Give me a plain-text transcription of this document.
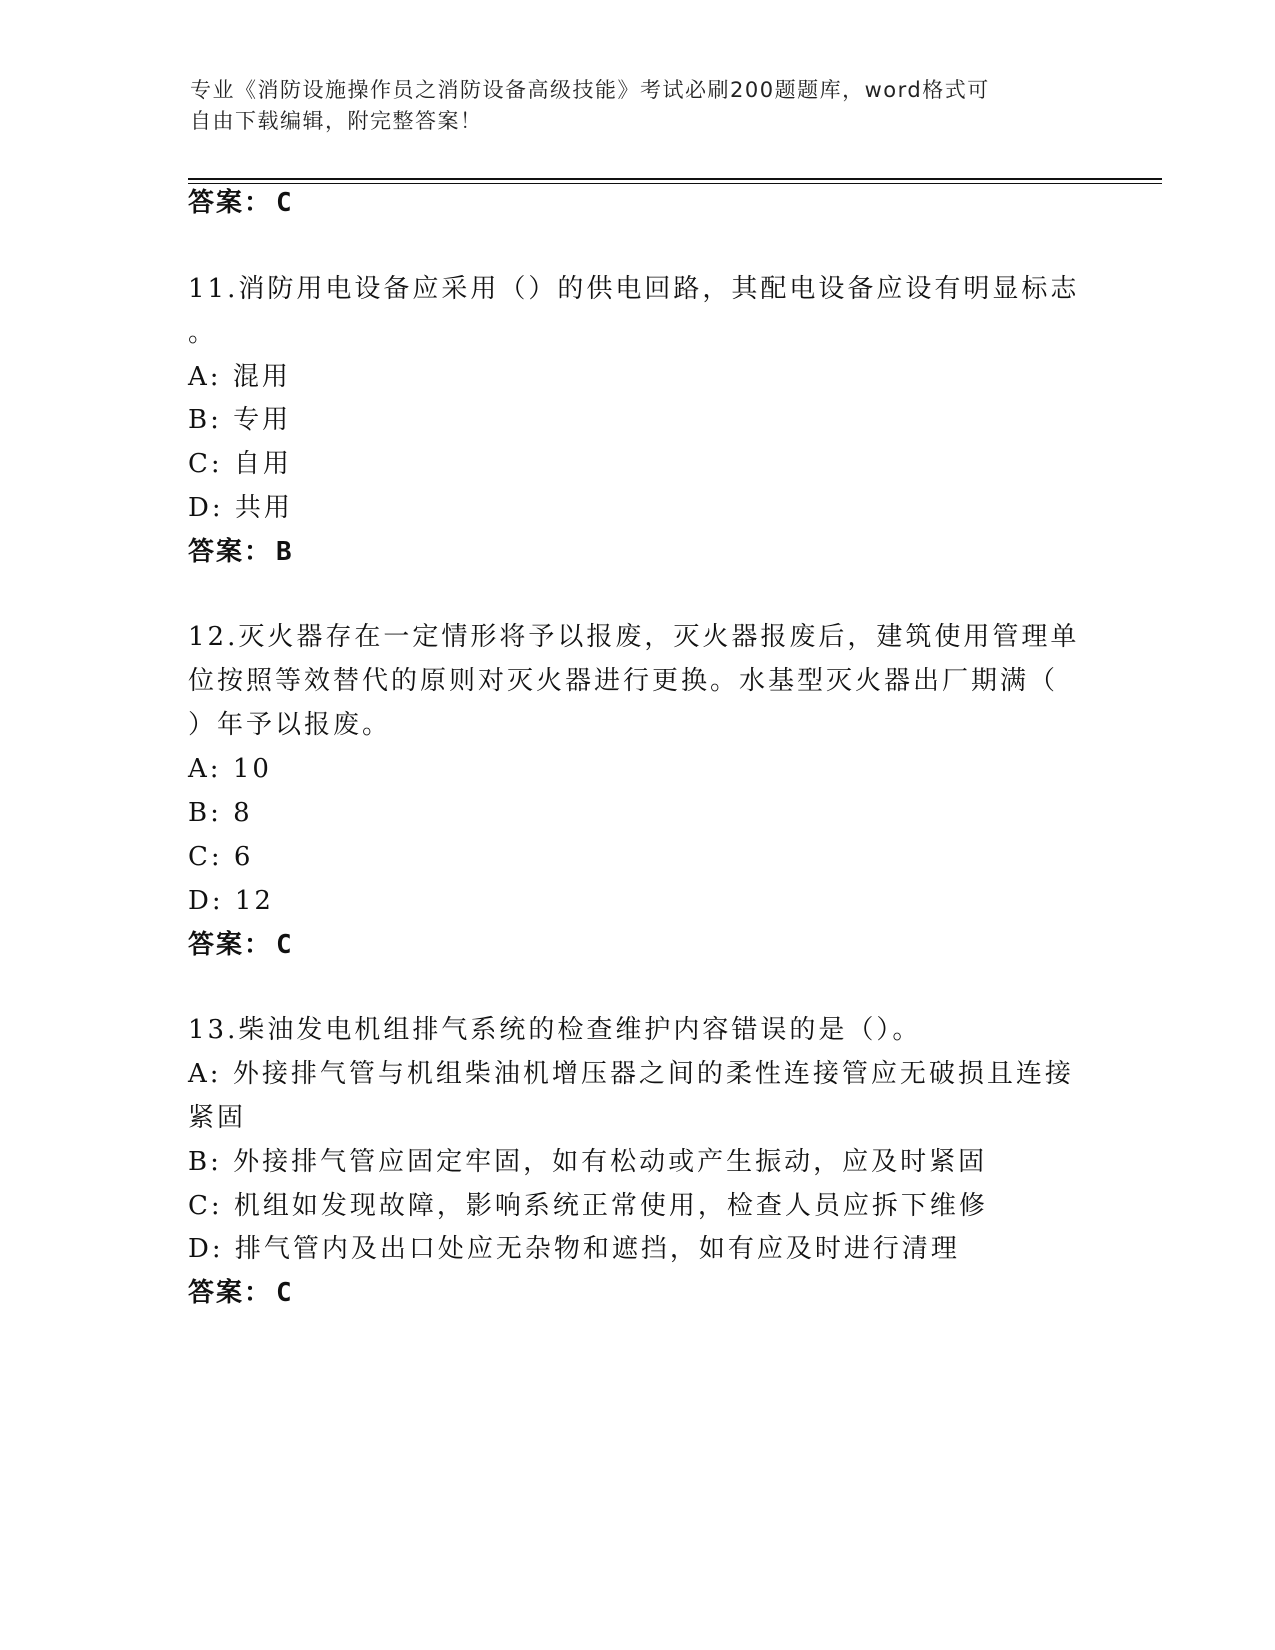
专业《消防设施操作员之消防设备高级技能》考试必刷200题题库，word格式可
自由下载编辑，附完整答案！
答案： C
11.消防用电设备应采用（）的供电回路，其配电设备应设有明显标志
。
A: 混用
B: 专用
C: 自用
D: 共用
答案： B
12.灭火器存在一定情形将予以报废，灭火器报废后，建筑使用管理单
位按照等效替代的原则对灭火器进行更换。水基型灭火器出厂期满（
）年予以报废。
A: 10
B: 8
C: 6
D: 12
答案： C
13.柴油发电机组排气系统的检查维护内容错误的是（）。
A: 外接排气管与机组柴油机增压器之间的柔性连接管应无破损且连接
紧固
B: 外接排气管应固定牢固，如有松动或产生振动，应及时紧固
C: 机组如发现故障，影响系统正常使用，检查人员应拆下维修
D: 排气管内及出口处应无杂物和遮挡，如有应及时进行清理
答案： C
